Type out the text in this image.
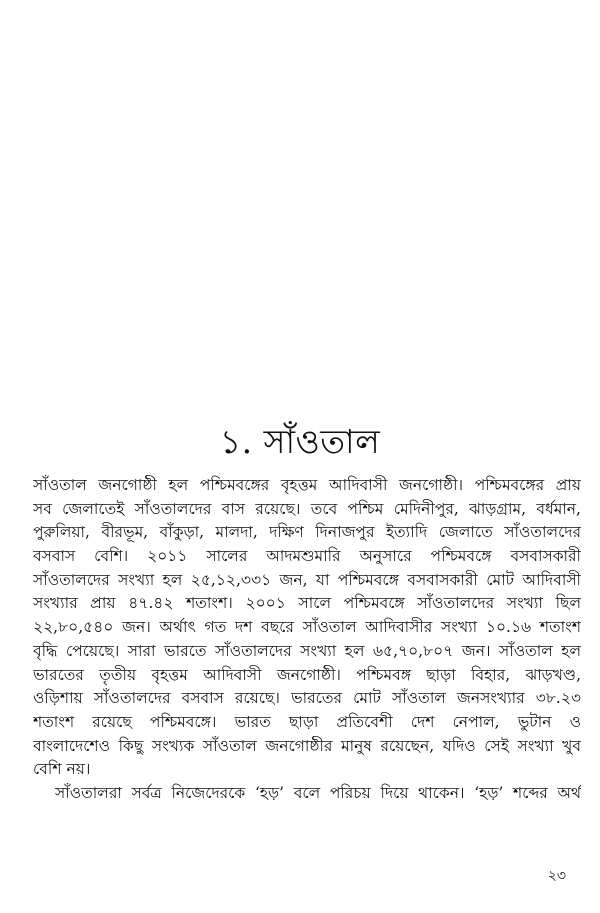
১. সাঁওতাল
সাঁওতাল জনগোষ্ঠী হল পশ্চিমবঙ্গের বৃহত্তম আদিবাসী জনগোষ্ঠী। পশ্চিমবঙ্গের প্রায়
সব জেলাতেই সাঁওতালদের বাস রয়েছে। তবে পশ্চিম মেদিনীপুর, ঝাড়গ্রাম, বর্ধমান,
পুরুলিয়া, বীরভূম, বাঁকুড়া, মালদা, দক্ষিণ দিনাজপুর ইত্যাদি জেলাতে সাঁওতালদের
বসবাস বেশি। ২০১১ সালের আদমশুমারি অনুসারে পশ্চিমবঙ্গে বসবাসকারী
সাঁওতালদের সংখ্যা হল ২৫,১২,৩৩১ জন, যা পশ্চিমবঙ্গে বসবাসকারী মোট আদিবাসী
সংখ্যার প্রায় ৪৭.৪২ শতাংশ। ২০০১ সালে পশ্চিমবঙ্গে সাঁওতালদের সংখ্যা ছিল
২২,৮০,৫৪০ জন। অর্থাৎ গত দশ বছরে সাঁওতাল আদিবাসীর সংখ্যা ১০.১৬ শতাংশ
বৃদ্ধি পেয়েছে। সারা ভারতে সাঁওতালদের সংখ্যা হল ৬৫,৭০,৮০৭ জন। সাঁওতাল হল
ভারতের তৃতীয় বৃহত্তম আদিবাসী জনগোষ্ঠী। পশ্চিমবঙ্গ ছাড়া বিহার, ঝাড়খণ্ড,
ওড়িশায় সাঁওতালদের বসবাস রয়েছে। ভারতের মোট সাঁওতাল জনসংখ্যার ৩৮.২৩
শতাংশ রয়েছে পশ্চিমবঙ্গে। ভারত ছাড়া প্রতিবেশী দেশ নেপাল, ভুটান ও
বাংলাদেশেও কিছু সংখ্যক সাঁওতাল জনগোষ্ঠীর মানুষ রয়েছেন, যদিও সেই সংখ্যা খুব
বেশি নয়।
সাঁওতালরা সর্বত্র নিজেদেরকে ‘হড়’ বলে পরিচয় দিয়ে থাকেন। ‘হড়’ শব্দের অর্থ
২৩
